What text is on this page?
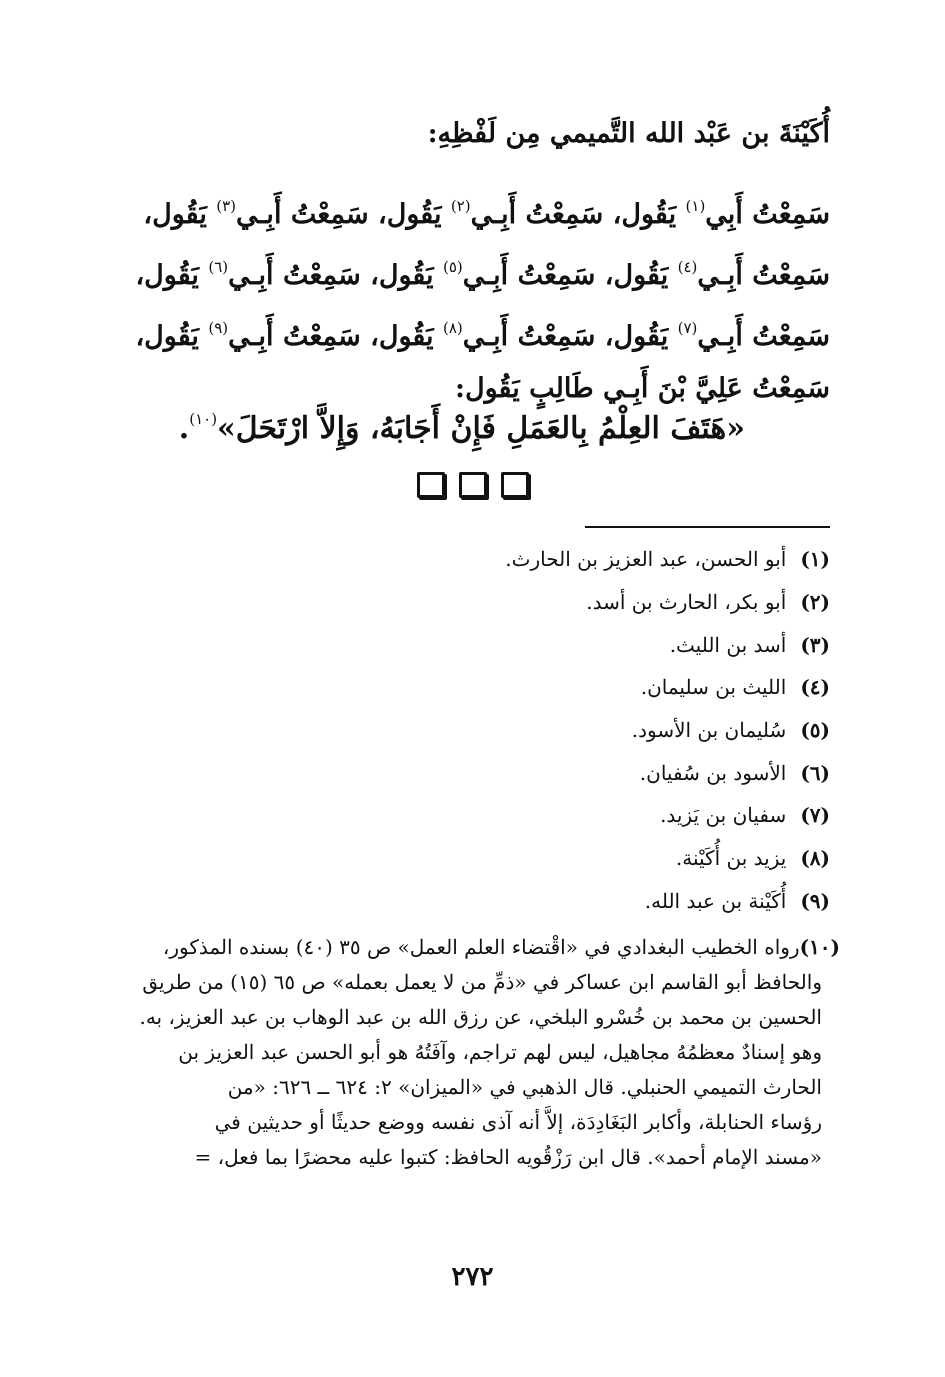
أُكَيْنَةَ بن عَبْد الله التَّميمي مِن لَفْظِهِ:
سَمِعْتُ أَبِي$^{(١)}$ يَقُول، سَمِعْتُ أَبِـي$^{(٢)}$ يَقُول، سَمِعْتُ أَبِـي$^{(٣)}$ يَقُول،
سَمِعْتُ أَبِـي$^{(٤)}$ يَقُول، سَمِعْتُ أَبِـي$^{(٥)}$ يَقُول، سَمِعْتُ أَبِـي$^{(٦)}$ يَقُول،
سَمِعْتُ أَبِـي$^{(٧)}$ يَقُول، سَمِعْتُ أَبِـي$^{(٨)}$ يَقُول، سَمِعْتُ أَبِـي$^{(٩)}$ يَقُول،
سَمِعْتُ عَلِيَّ بْنَ أَبِـي طَالِبٍ يَقُول:
«هَتَفَ العِلْمُ بِالعَمَلِ فَإِنْ أَجَابَهُ، وَإِلاَّ ارْتَحَلَ»$^{(١٠)}$.
(١)
أبو الحسن، عبد العزيز بن الحارث.
(٢)
أبو بكر، الحارث بن أسد.
(٣)
أسد بن الليث.
(٤)
الليث بن سليمان.
(٥)
سُليمان بن الأسود.
(٦)
الأسود بن سُفيان.
(٧)
سفيان بن يَزيد.
(٨)
يزيد بن أُكَيْنة.
(٩)
أُكَيْنة بن عبد الله.
(١٠)رواه الخطيب البغدادي في «اقْتضاء العلم العمل» ص ٣٥ (٤٠) بسنده المذكور،
والحافظ أبو القاسم ابن عساكر في «ذمِّ من لا يعمل بعمله» ص ٦٥ (١٥) من طريق
الحسين بن محمد بن خُسْرو البلخي، عن رزق الله بن عبد الوهاب بن عبد العزيز، به.
وهو إسنادٌ معظمُهُ مجاهيل، ليس لهم تراجم، وآفَتُهُ هو أبو الحسن عبد العزيز بن
الحارث التميمي الحنبلي. قال الذهبي في «الميزان» ٢: ٦٢٤ ــ ٦٢٦: «من
رؤساء الحنابلة، وأكابر البَغَادِدَة، إلاَّ أنه آذى نفسه ووضع حديثًا أو حديثين في
«مسند الإمام أحمد». قال ابن رَزْقُويه الحافظ: كتبوا عليه محضرًا بما فعل، =
٢٧٢
